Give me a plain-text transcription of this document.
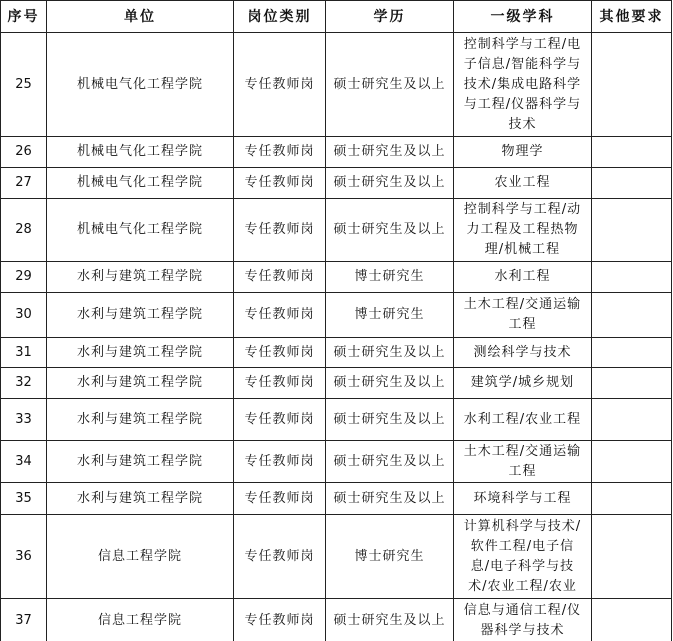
序号	单位	岗位类别	学历	一级学科	其他要求
25	机械电气化工程学院	专任教师岗	硕士研究生及以上	控制科学与工程/电子信息/智能科学与技术/集成电路科学与工程/仪器科学与技术	

26	机械电气化工程学院	专任教师岗	硕士研究生及以上	物理学	

27	机械电气化工程学院	专任教师岗	硕士研究生及以上	农业工程	

28	机械电气化工程学院	专任教师岗	硕士研究生及以上	控制科学与工程/动力工程及工程热物理/机械工程	

29	水利与建筑工程学院	专任教师岗	博士研究生	水利工程	

30	水利与建筑工程学院	专任教师岗	博士研究生	土木工程/交通运输工程	

31	水利与建筑工程学院	专任教师岗	硕士研究生及以上	测绘科学与技术	

32	水利与建筑工程学院	专任教师岗	硕士研究生及以上	建筑学/城乡规划	

33	水利与建筑工程学院	专任教师岗	硕士研究生及以上	水利工程/农业工程	

34	水利与建筑工程学院	专任教师岗	硕士研究生及以上	土木工程/交通运输工程	

35	水利与建筑工程学院	专任教师岗	硕士研究生及以上	环境科学与工程	

36	信息工程学院	专任教师岗	博士研究生	计算机科学与技术/软件工程/电子信息/电子科学与技术/农业工程/农业	

37	信息工程学院	专任教师岗	硕士研究生及以上	信息与通信工程/仪器科学与技术	
